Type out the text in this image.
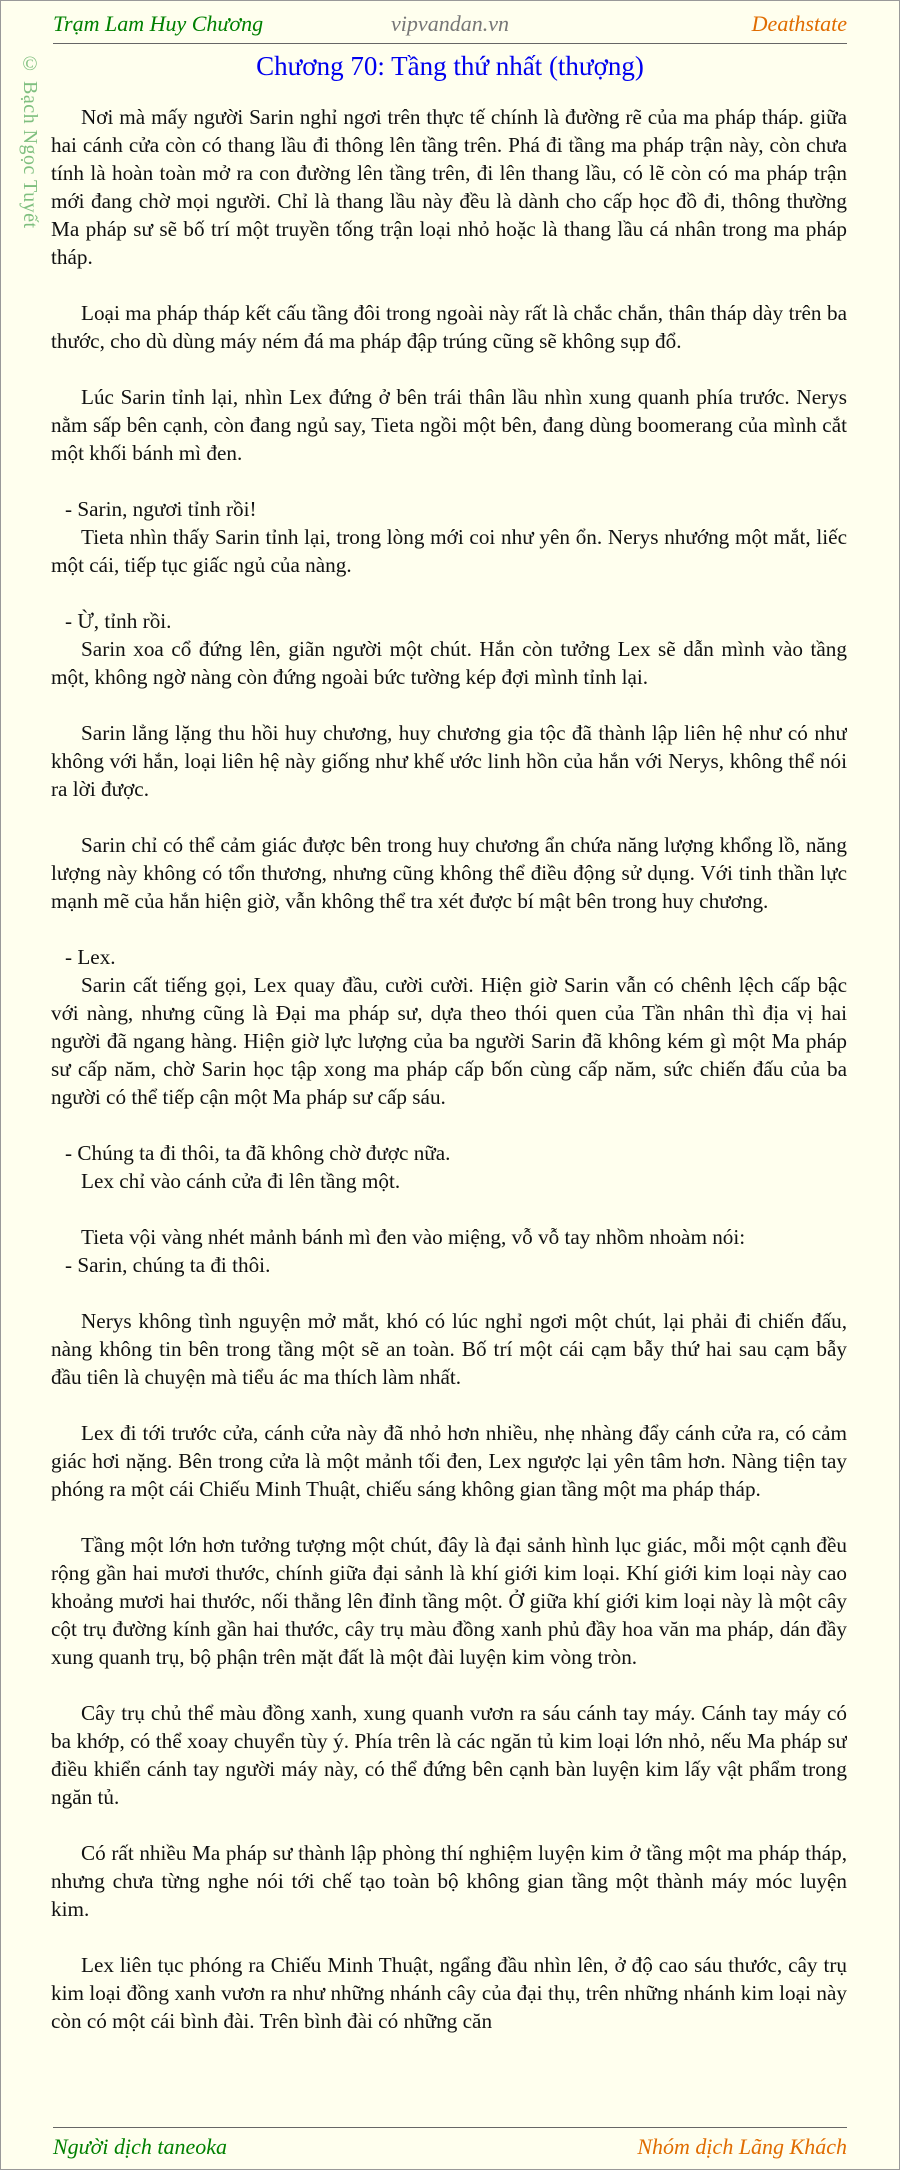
Trạm Lam Huy Chương	vipvandan.vn	Deathstate
© Bạch Ngọc Tuyết	Chương 70: Tầng thứ nhất (thượng)

Nơi mà mấy người Sarin nghỉ ngơi trên thực tế chính là đường rẽ của ma pháp tháp. giữa hai cánh cửa còn có thang lầu đi thông lên tầng trên. Phá đi tầng ma pháp trận này, còn chưa tính là hoàn toàn mở ra con đường lên tầng trên, đi lên thang lầu, có lẽ còn có ma pháp trận mới đang chờ mọi người. Chỉ là thang lầu này đều là dành cho cấp học đồ đi, thông thường Ma pháp sư sẽ bố trí một truyền tống trận loại nhỏ hoặc là thang lầu cá nhân trong ma pháp tháp.

Loại ma pháp tháp kết cấu tầng đôi trong ngoài này rất là chắc chắn, thân tháp dày trên ba thước, cho dù dùng máy ném đá ma pháp đập trúng cũng sẽ không sụp đổ.

Lúc Sarin tỉnh lại, nhìn Lex đứng ở bên trái thân lầu nhìn xung quanh phía trước. Nerys nằm sấp bên cạnh, còn đang ngủ say, Tieta ngồi một bên, đang dùng boomerang của mình cắt một khối bánh mì đen.

- Sarin, ngươi tỉnh rồi!

Tieta nhìn thấy Sarin tỉnh lại, trong lòng mới coi như yên ổn. Nerys nhướng một mắt, liếc một cái, tiếp tục giấc ngủ của nàng.

- Ừ, tỉnh rồi.

Sarin xoa cổ đứng lên, giãn người một chút. Hắn còn tưởng Lex sẽ dẫn mình vào tầng một, không ngờ nàng còn đứng ngoài bức tường kép đợi mình tỉnh lại.

Sarin lẳng lặng thu hồi huy chương, huy chương gia tộc đã thành lập liên hệ như có như không với hắn, loại liên hệ này giống như khế ước linh hồn của hắn với Nerys, không thể nói ra lời được.

Sarin chỉ có thể cảm giác được bên trong huy chương ẩn chứa năng lượng khổng lồ, năng lượng này không có tổn thương, nhưng cũng không thể điều động sử dụng. Với tinh thần lực mạnh mẽ của hắn hiện giờ, vẫn không thể tra xét được bí mật bên trong huy chương.

- Lex.

Sarin cất tiếng gọi, Lex quay đầu, cười cười. Hiện giờ Sarin vẫn có chênh lệch cấp bậc với nàng, nhưng cũng là Đại ma pháp sư, dựa theo thói quen của Tần nhân thì địa vị hai người đã ngang hàng. Hiện giờ lực lượng của ba người Sarin đã không kém gì một Ma pháp sư cấp năm, chờ Sarin học tập xong ma pháp cấp bốn cùng cấp năm, sức chiến đấu của ba người có thể tiếp cận một Ma pháp sư cấp sáu.

- Chúng ta đi thôi, ta đã không chờ được nữa.

Lex chỉ vào cánh cửa đi lên tầng một.

Tieta vội vàng nhét mảnh bánh mì đen vào miệng, vỗ vỗ tay nhồm nhoàm nói:

- Sarin, chúng ta đi thôi.

Nerys không tình nguyện mở mắt, khó có lúc nghỉ ngơi một chút, lại phải đi chiến đấu, nàng không tin bên trong tầng một sẽ an toàn. Bố trí một cái cạm bẫy thứ hai sau cạm bẫy đầu tiên là chuyện mà tiểu ác ma thích làm nhất.

Lex đi tới trước cửa, cánh cửa này đã nhỏ hơn nhiều, nhẹ nhàng đẩy cánh cửa ra, có cảm giác hơi nặng. Bên trong cửa là một mảnh tối đen, Lex ngược lại yên tâm hơn. Nàng tiện tay phóng ra một cái Chiếu Minh Thuật, chiếu sáng không gian tầng một ma pháp tháp.

Tầng một lớn hơn tưởng tượng một chút, đây là đại sảnh hình lục giác, mỗi một cạnh đều rộng gần hai mươi thước, chính giữa đại sảnh là khí giới kim loại. Khí giới kim loại này cao khoảng mươi hai thước, nối thẳng lên đỉnh tầng một. Ở giữa khí giới kim loại này là một cây cột trụ đường kính gần hai thước, cây trụ màu đồng xanh phủ đầy hoa văn ma pháp, dán đầy xung quanh trụ, bộ phận trên mặt đất là một đài luyện kim vòng tròn.

Cây trụ chủ thể màu đồng xanh, xung quanh vươn ra sáu cánh tay máy. Cánh tay máy có ba khớp, có thể xoay chuyển tùy ý. Phía trên là các ngăn tủ kim loại lớn nhỏ, nếu Ma pháp sư điều khiển cánh tay người máy này, có thể đứng bên cạnh bàn luyện kim lấy vật phẩm trong ngăn tủ.

Có rất nhiều Ma pháp sư thành lập phòng thí nghiệm luyện kim ở tầng một ma pháp tháp, nhưng chưa từng nghe nói tới chế tạo toàn bộ không gian tầng một thành máy móc luyện kim.

Lex liên tục phóng ra Chiếu Minh Thuật, ngẩng đầu nhìn lên, ở độ cao sáu thước, cây trụ kim loại đồng xanh vươn ra như những nhánh cây của đại thụ, trên những nhánh kim loại này còn có một cái bình đài. Trên bình đài có những căn

Người dịch taneoka	Nhóm dịch Lãng Khách
